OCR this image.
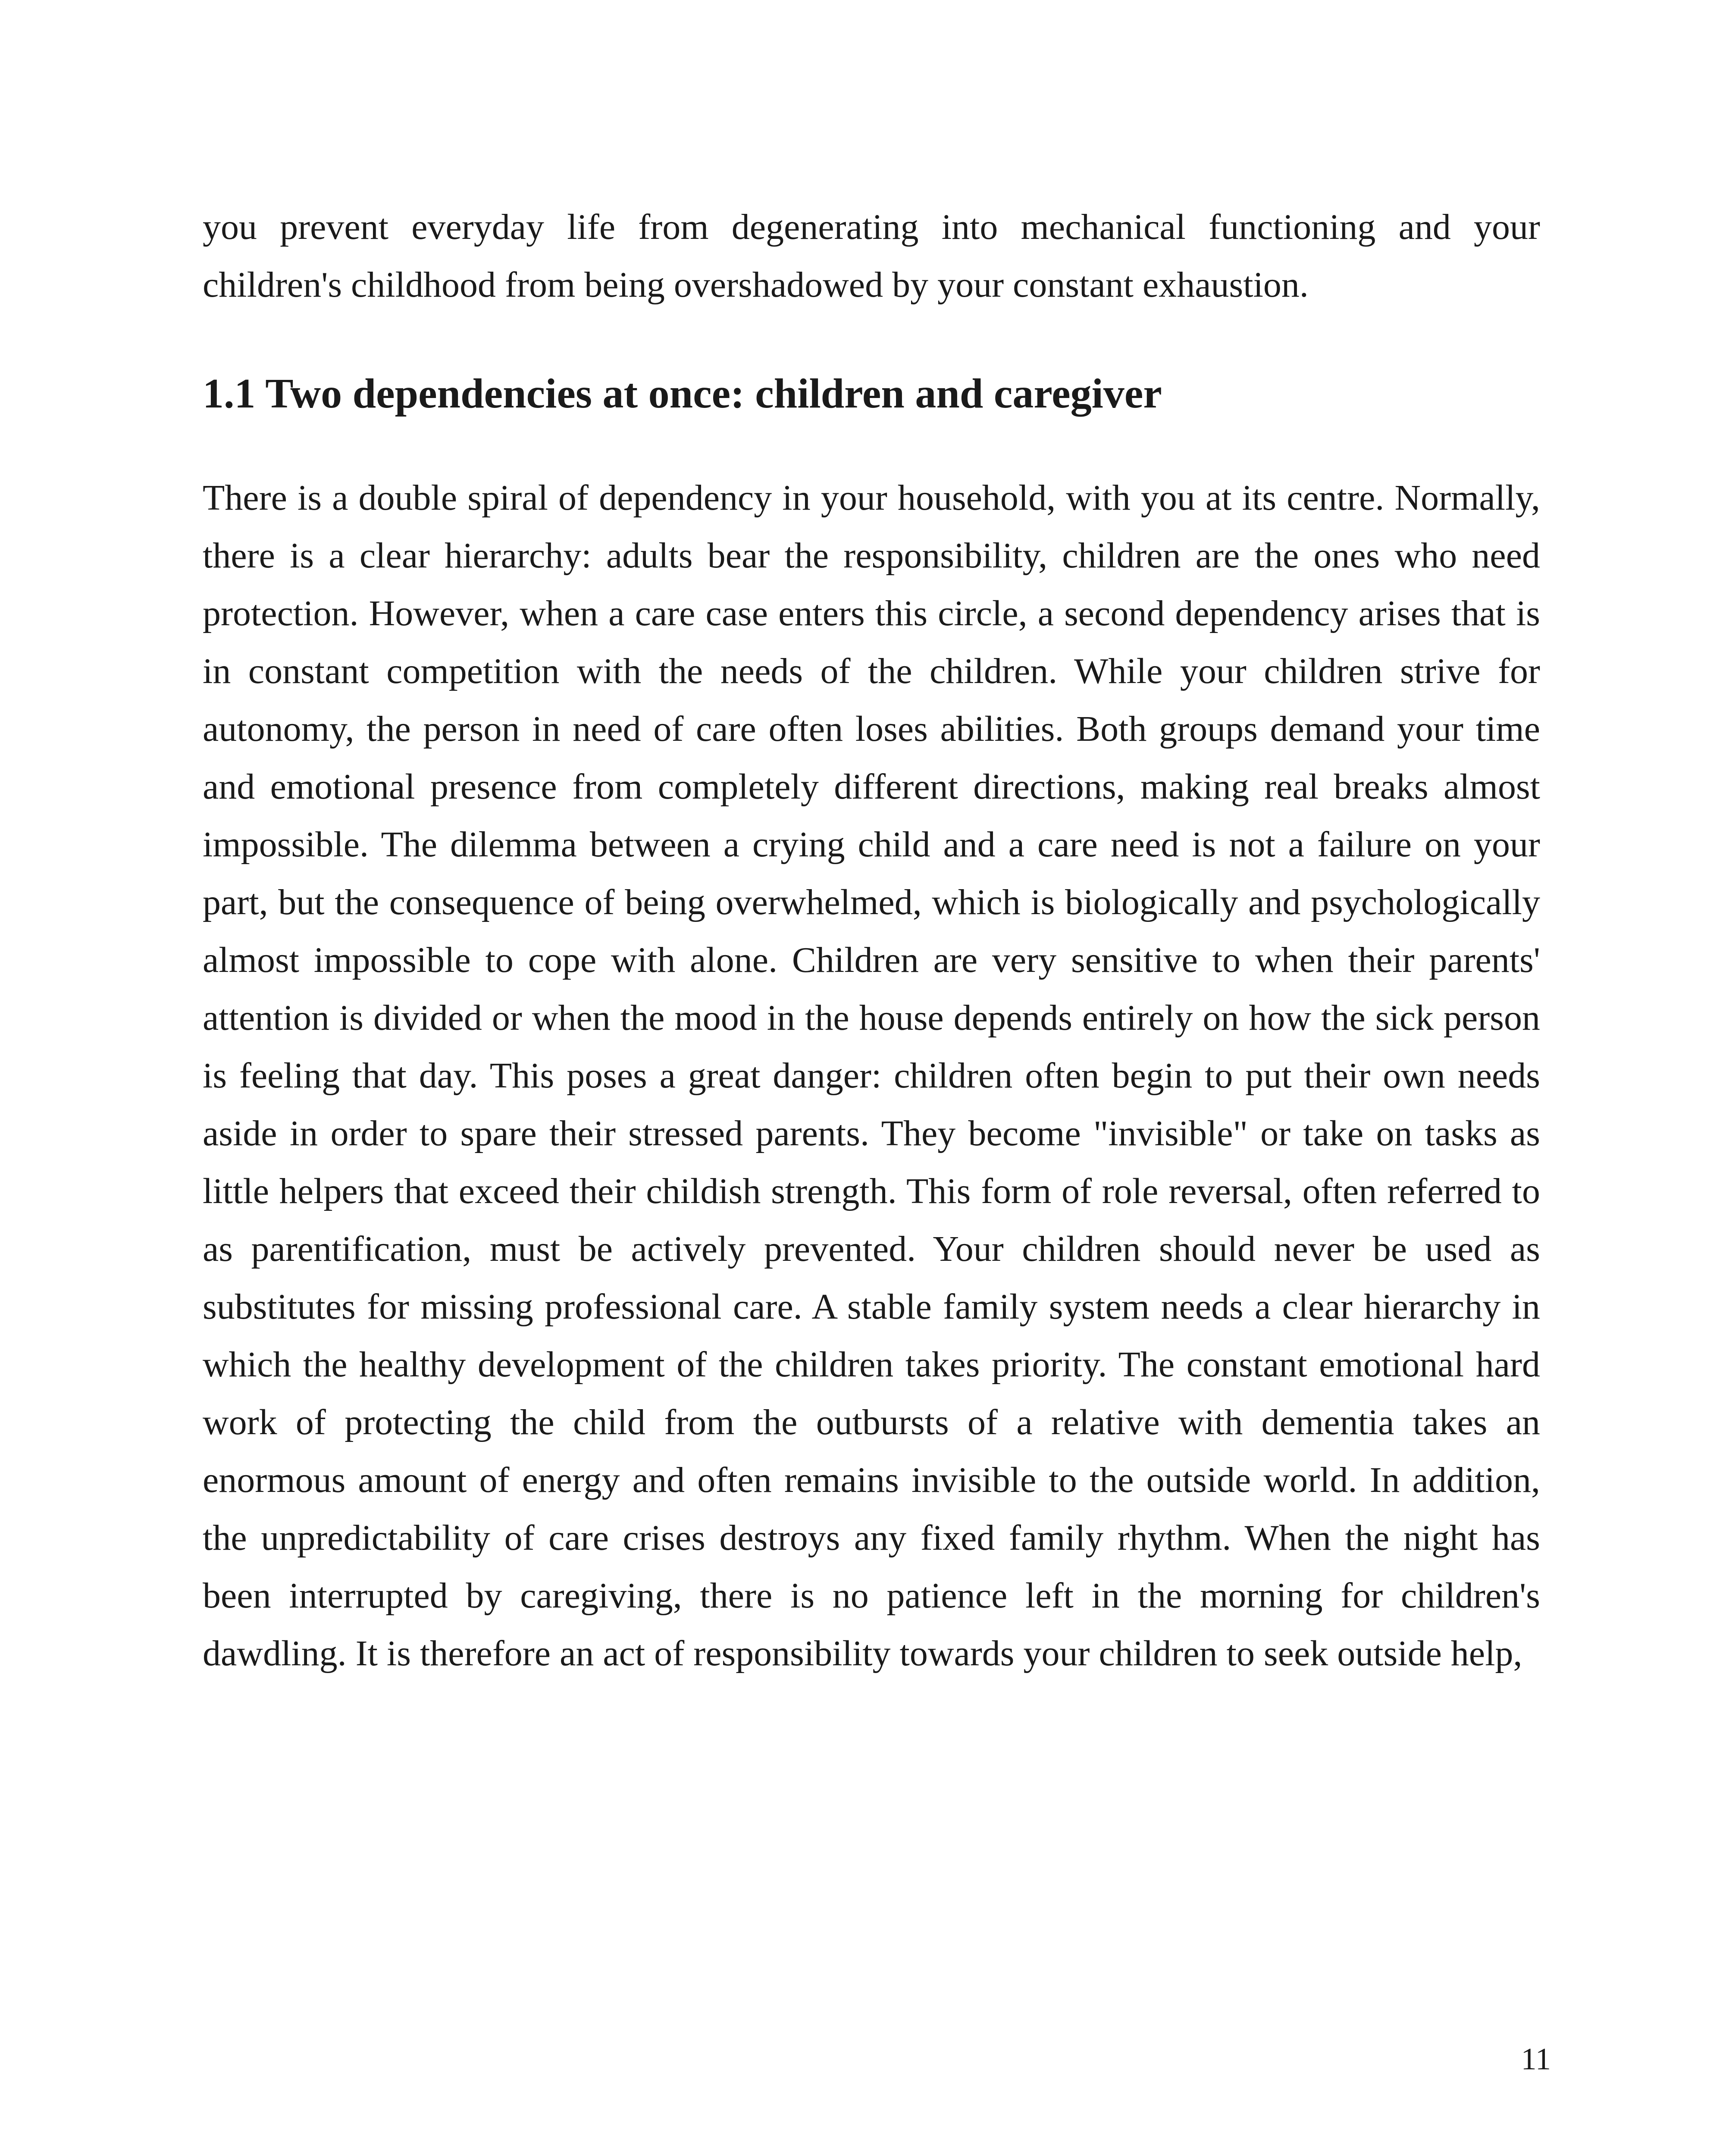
you prevent everyday life from degenerating into mechanical functioning and your children's childhood from being overshadowed by your constant exhaustion.

1.1 Two dependencies at once: children and caregiver

There is a double spiral of dependency in your household, with you at its centre. Normally, there is a clear hierarchy: adults bear the responsibility, children are the ones who need protection. However, when a care case enters this circle, a second dependency arises that is in constant competition with the needs of the children. While your children strive for autonomy, the person in need of care often loses abilities. Both groups demand your time and emotional presence from completely different directions, making real breaks almost impossible. The dilemma between a crying child and a care need is not a failure on your part, but the consequence of being overwhelmed, which is biologically and psychologically almost impossible to cope with alone. Children are very sensitive to when their parents' attention is divided or when the mood in the house depends entirely on how the sick person is feeling that day. This poses a great danger: children often begin to put their own needs aside in order to spare their stressed parents. They become "invisible" or take on tasks as little helpers that exceed their childish strength. This form of role reversal, often referred to as parentification, must be actively prevented. Your children should never be used as substitutes for missing professional care. A stable family system needs a clear hierarchy in which the healthy development of the children takes priority. The constant emotional hard work of protecting the child from the outbursts of a relative with dementia takes an enormous amount of energy and often remains invisible to the outside world. In addition, the unpredictability of care crises destroys any fixed family rhythm. When the night has been interrupted by caregiving, there is no patience left in the morning for children's dawdling. It is therefore an act of responsibility towards your children to seek outside help,

11
